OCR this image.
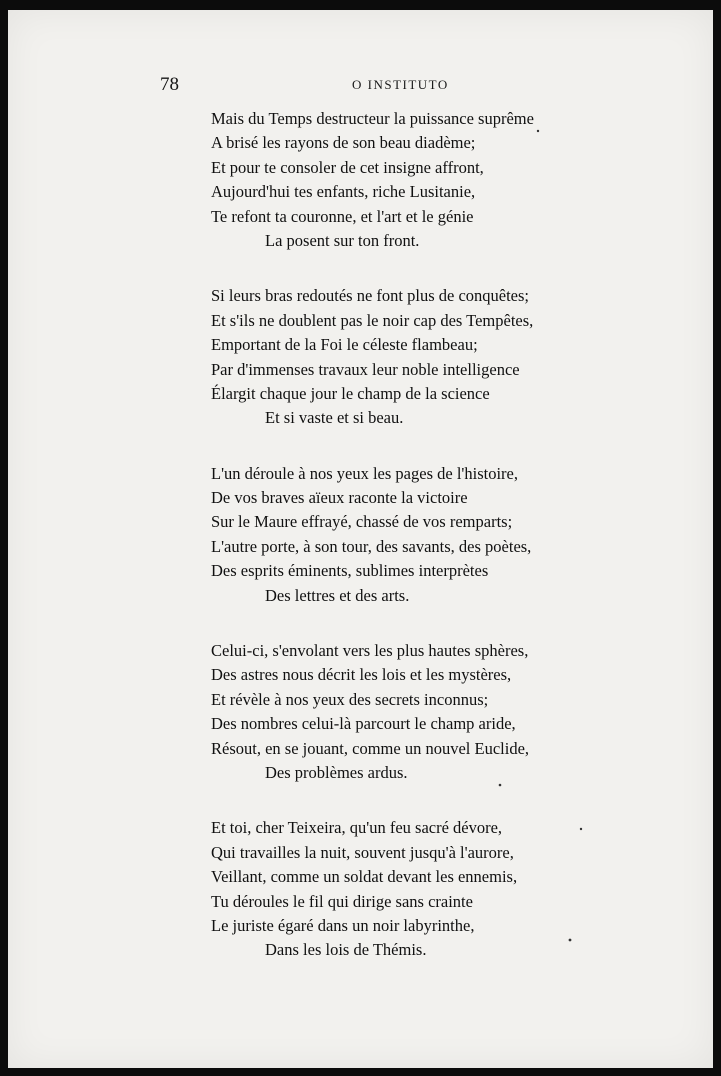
78	O INSTITUTO
Mais du Temps destructeur la puissance suprême
A brisé les rayons de son beau diadème;
Et pour te consoler de cet insigne affront,
Aujourd'hui tes enfants, riche Lusitanie,
Te refont ta couronne, et l'art et le génie
La posent sur ton front.
Si leurs bras redoutés ne font plus de conquêtes;
Et s'ils ne doublent pas le noir cap des Tempêtes,
Emportant de la Foi le céleste flambeau;
Par d'immenses travaux leur noble intelligence
Élargit chaque jour le champ de la science
Et si vaste et si beau.
L'un déroule à nos yeux les pages de l'histoire,
De vos braves aïeux raconte la victoire
Sur le Maure effrayé, chassé de vos remparts;
L'autre porte, à son tour, des savants, des poètes,
Des esprits éminents, sublimes interprètes
Des lettres et des arts.
Celui-ci, s'envolant vers les plus hautes sphères,
Des astres nous décrit les lois et les mystères,
Et révèle à nos yeux des secrets inconnus;
Des nombres celui-là parcourt le champ aride,
Résout, en se jouant, comme un nouvel Euclide,
Des problèmes ardus.
Et toi, cher Teixeira, qu'un feu sacré dévore,
Qui travailles la nuit, souvent jusqu'à l'aurore,
Veillant, comme un soldat devant les ennemis,
Tu déroules le fil qui dirige sans crainte
Le juriste égaré dans un noir labyrinthe,
Dans les lois de Thémis.
